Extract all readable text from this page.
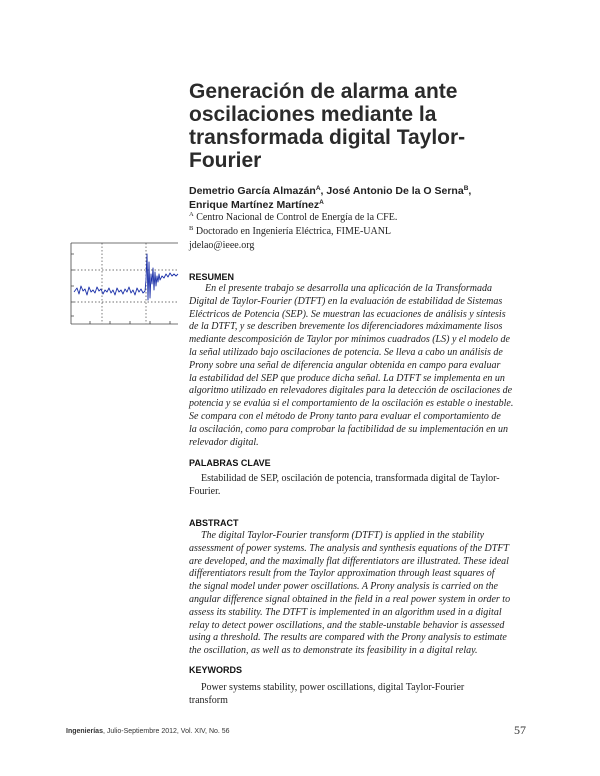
Generación de alarma ante
oscilaciones mediante la
transformada digital Taylor-
Fourier
Demetrio García Almazán$^A$, José Antonio De la O Serna$^B$,
Enrique Martínez Martínez$^A$
$^A$ Centro Nacional de Control de Energía de la CFE.
$^B$ Doctorado en Ingeniería Eléctrica, FIME-UANL
jdelao@ieee.org
RESUMEN
En el presente trabajo se desarrolla una aplicación de la Transformada
Digital de Taylor-Fourier (DTFT) en la evaluación de estabilidad de Sistemas
Eléctricos de Potencia (SEP). Se muestran las ecuaciones de análisis y síntesis
de la DTFT, y se describen brevemente los diferenciadores máximamente lisos
mediante descomposición de Taylor por mínimos cuadrados (LS) y el modelo de
la señal utilizado bajo oscilaciones de potencia. Se lleva a cabo un análisis de
Prony sobre una señal de diferencia angular obtenida en campo para evaluar
la estabilidad del SEP que produce dicha señal. La DTFT se implementa en un
algoritmo utilizado en relevadores digitales para la detección de oscilaciones de
potencia y se evalúa si el comportamiento de la oscilación es estable o inestable.
Se compara con el método de Prony tanto para evaluar el comportamiento de
la oscilación, como para comprobar la factibilidad de su implementación en un
relevador digital.
PALABRAS CLAVE
Estabilidad de SEP, oscilación de potencia, transformada digital de Taylor-
Fourier.
ABSTRACT
The digital Taylor-Fourier transform (DTFT) is applied in the stability
assessment of power systems. The analysis and synthesis equations of the DTFT
are developed, and the maximally flat differentiators are illustrated. These ideal
differentiators result from the Taylor approximation through least squares of
the signal model under power oscillations. A Prony analysis is carried on the
angular difference signal obtained in the field in a real power system in order to
assess its stability. The DTFT is implemented in an algorithm used in a digital
relay to detect power oscillations, and the stable-unstable behavior is assessed
using a threshold. The results are compared with the Prony analysis to estimate
the oscillation, as well as to demonstrate its feasibility in a digital relay.
KEYWORDS
Power systems stability, power oscillations, digital Taylor-Fourier
transform
Ingenierías, Julio-Septiembre 2012, Vol. XIV, No. 56	57
